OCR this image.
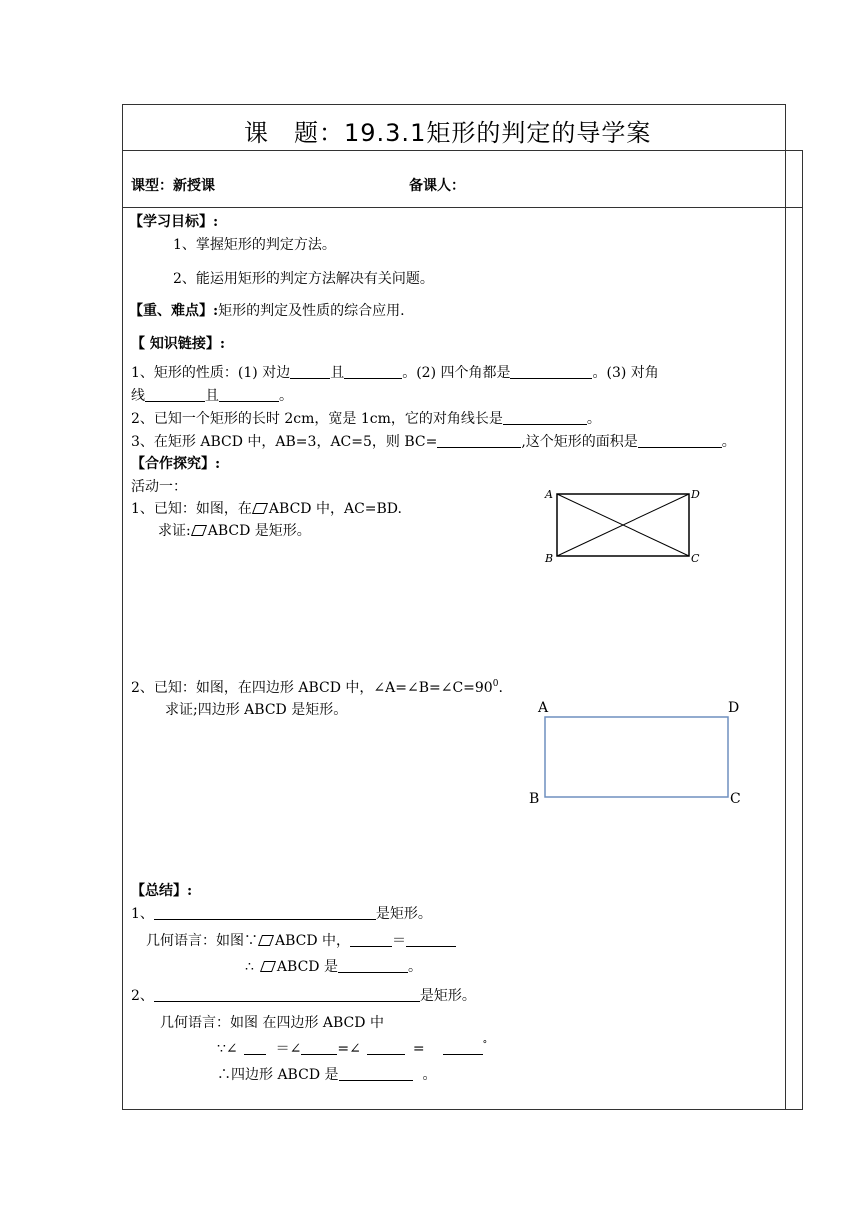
课　题：19.3.1矩形的判定的导学案
课型：新授课	备课人：
【学习目标】:
1、掌握矩形的判定方法。
2、能运用矩形的判定方法解决有关问题。
【重、难点】:矩形的判定及性质的综合应用.
【 知识链接】:
1、矩形的性质：(1) 对边	且	。(2) 四个角都是	。(3) 对角
线	且	。
2、已知一个矩形的长时 2cm，宽是 1cm，它的对角线长是	。
3、在矩形 ABCD 中，AB=3，AC=5，则 BC=	,这个矩形的面积是	。
【合作探究】:
活动一：
1、已知：如图，在 ABCD 中，AC=BD.
求证: ABCD 是矩形。
A	D
B	C
2、已知：如图，在四边形 ABCD 中，$\angle A=\angle B=\angle C=90^0$.
求证;四边形 ABCD 是矩形。	A	D
B	C
【总结】:
1、	是矩形。
几何语言：如图∵ ABCD 中，	＝
∴ ABCD 是	。
2、	是矩形。
几何语言：如图 在四边形 ABCD 中
∵∠	＝∠	=∠	=	°
∴四边形 ABCD 是	。
